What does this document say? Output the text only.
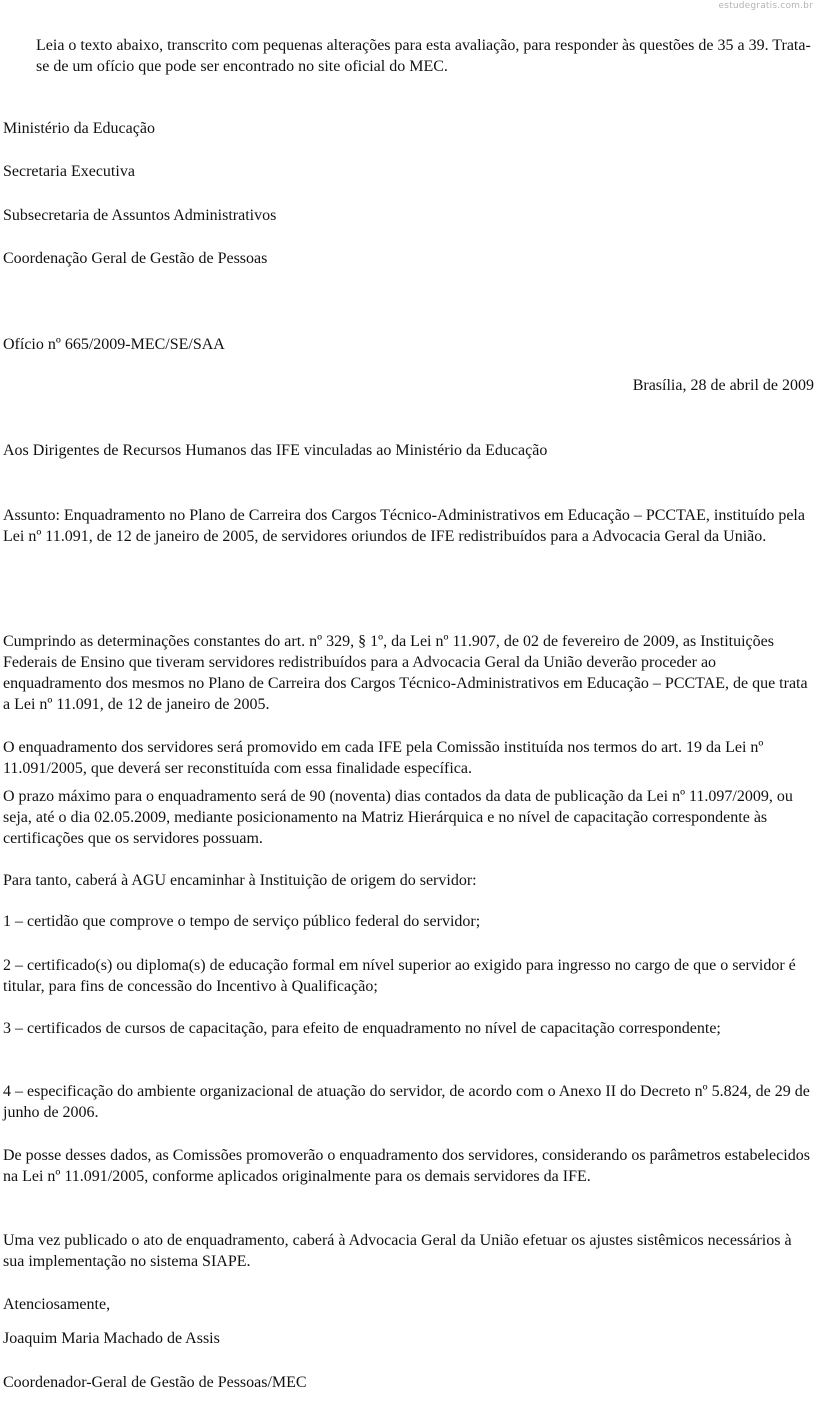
estudegratis.com.br

Leia o texto abaixo, transcrito com pequenas alterações para esta avaliação, para responder às questões de 35 a 39. Trata-se de um ofício que pode ser encontrado no site oficial do MEC.

Ministério da Educação

Secretaria Executiva

Subsecretaria de Assuntos Administrativos

Coordenação Geral de Gestão de Pessoas

Ofício nº 665/2009-MEC/SE/SAA

Brasília, 28 de abril de 2009

Aos Dirigentes de Recursos Humanos das IFE vinculadas ao Ministério da Educação

Assunto: Enquadramento no Plano de Carreira dos Cargos Técnico-Administrativos em Educação – PCCTAE, instituído pela Lei nº 11.091, de 12 de janeiro de 2005, de servidores oriundos de IFE redistribuídos para a Advocacia Geral da União.

Cumprindo as determinações constantes do art. nº 329, § 1º, da Lei nº 11.907, de 02 de fevereiro de 2009, as Instituições Federais de Ensino que tiveram servidores redistribuídos para a Advocacia Geral da União deverão proceder ao enquadramento dos mesmos no Plano de Carreira dos Cargos Técnico-Administrativos em Educação – PCCTAE, de que trata a Lei nº 11.091, de 12 de janeiro de 2005.

O enquadramento dos servidores será promovido em cada IFE pela Comissão instituída nos termos do art. 19 da Lei nº 11.091/2005, que deverá ser reconstituída com essa finalidade específica.

O prazo máximo para o enquadramento será de 90 (noventa) dias contados da data de publicação da Lei nº 11.097/2009, ou seja, até o dia 02.05.2009, mediante posicionamento na Matriz Hierárquica e no nível de capacitação correspondente às certificações que os servidores possuam.

Para tanto, caberá à AGU encaminhar à Instituição de origem do servidor:

1 – certidão que comprove o tempo de serviço público federal do servidor;

2 – certificado(s) ou diploma(s) de educação formal em nível superior ao exigido para ingresso no cargo de que o servidor é titular, para fins de concessão do Incentivo à Qualificação;

3 – certificados de cursos de capacitação, para efeito de enquadramento no nível de capacitação correspondente;

4 – especificação do ambiente organizacional de atuação do servidor, de acordo com o Anexo II do Decreto nº 5.824, de 29 de junho de 2006.

De posse desses dados, as Comissões promoverão o enquadramento dos servidores, considerando os parâmetros estabelecidos na Lei nº 11.091/2005, conforme aplicados originalmente para os demais servidores da IFE.

Uma vez publicado o ato de enquadramento, caberá à Advocacia Geral da União efetuar os ajustes sistêmicos necessários à sua implementação no sistema SIAPE.

Atenciosamente,

Joaquim Maria Machado de Assis

Coordenador-Geral de Gestão de Pessoas/MEC
